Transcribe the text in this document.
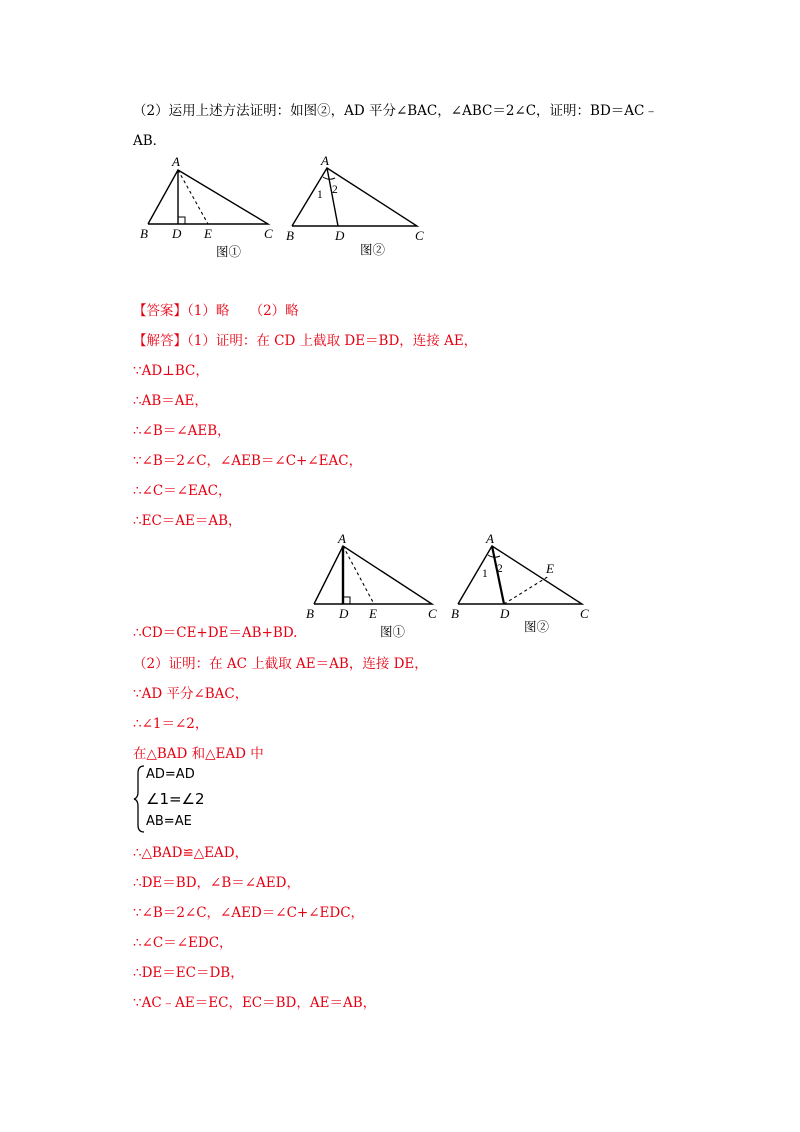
（2）运用上述方法证明：如图②，AD 平分∠BAC，∠ABC＝2∠C，证明：BD＝AC﹣
AB．
A
B D E	C
图①
A
B	D	C
1 2
图②
【答案】（1）略　　（2）略
【解答】（1）证明：在 CD 上截取 DE＝BD，连接 AE，
∵AD⊥BC，
∴AB＝AE，
∴∠B＝∠AEB，
∵∠B＝2∠C，∠AEB＝∠C+∠EAC，
∴∠C＝∠EAC，
∴EC＝AE＝AB，
A
B D E	C
图①
A
B	D
E
C
1 2
图②
∴CD＝CE+DE＝AB+BD.
（2）证明：在 AC 上截取 AE＝AB，连接 DE，
∵AD 平分∠BAC，
∴∠1＝∠2，
在△BAD 和△EAD 中
AD=AD
∠1=∠2
AB=AE
∴△BAD≌△EAD，
∴DE＝BD，∠B＝∠AED，
∵∠B＝2∠C，∠AED＝∠C+∠EDC，
∴∠C＝∠EDC，
∴DE＝EC＝DB，
∵AC﹣AE＝EC，EC＝BD，AE＝AB，
